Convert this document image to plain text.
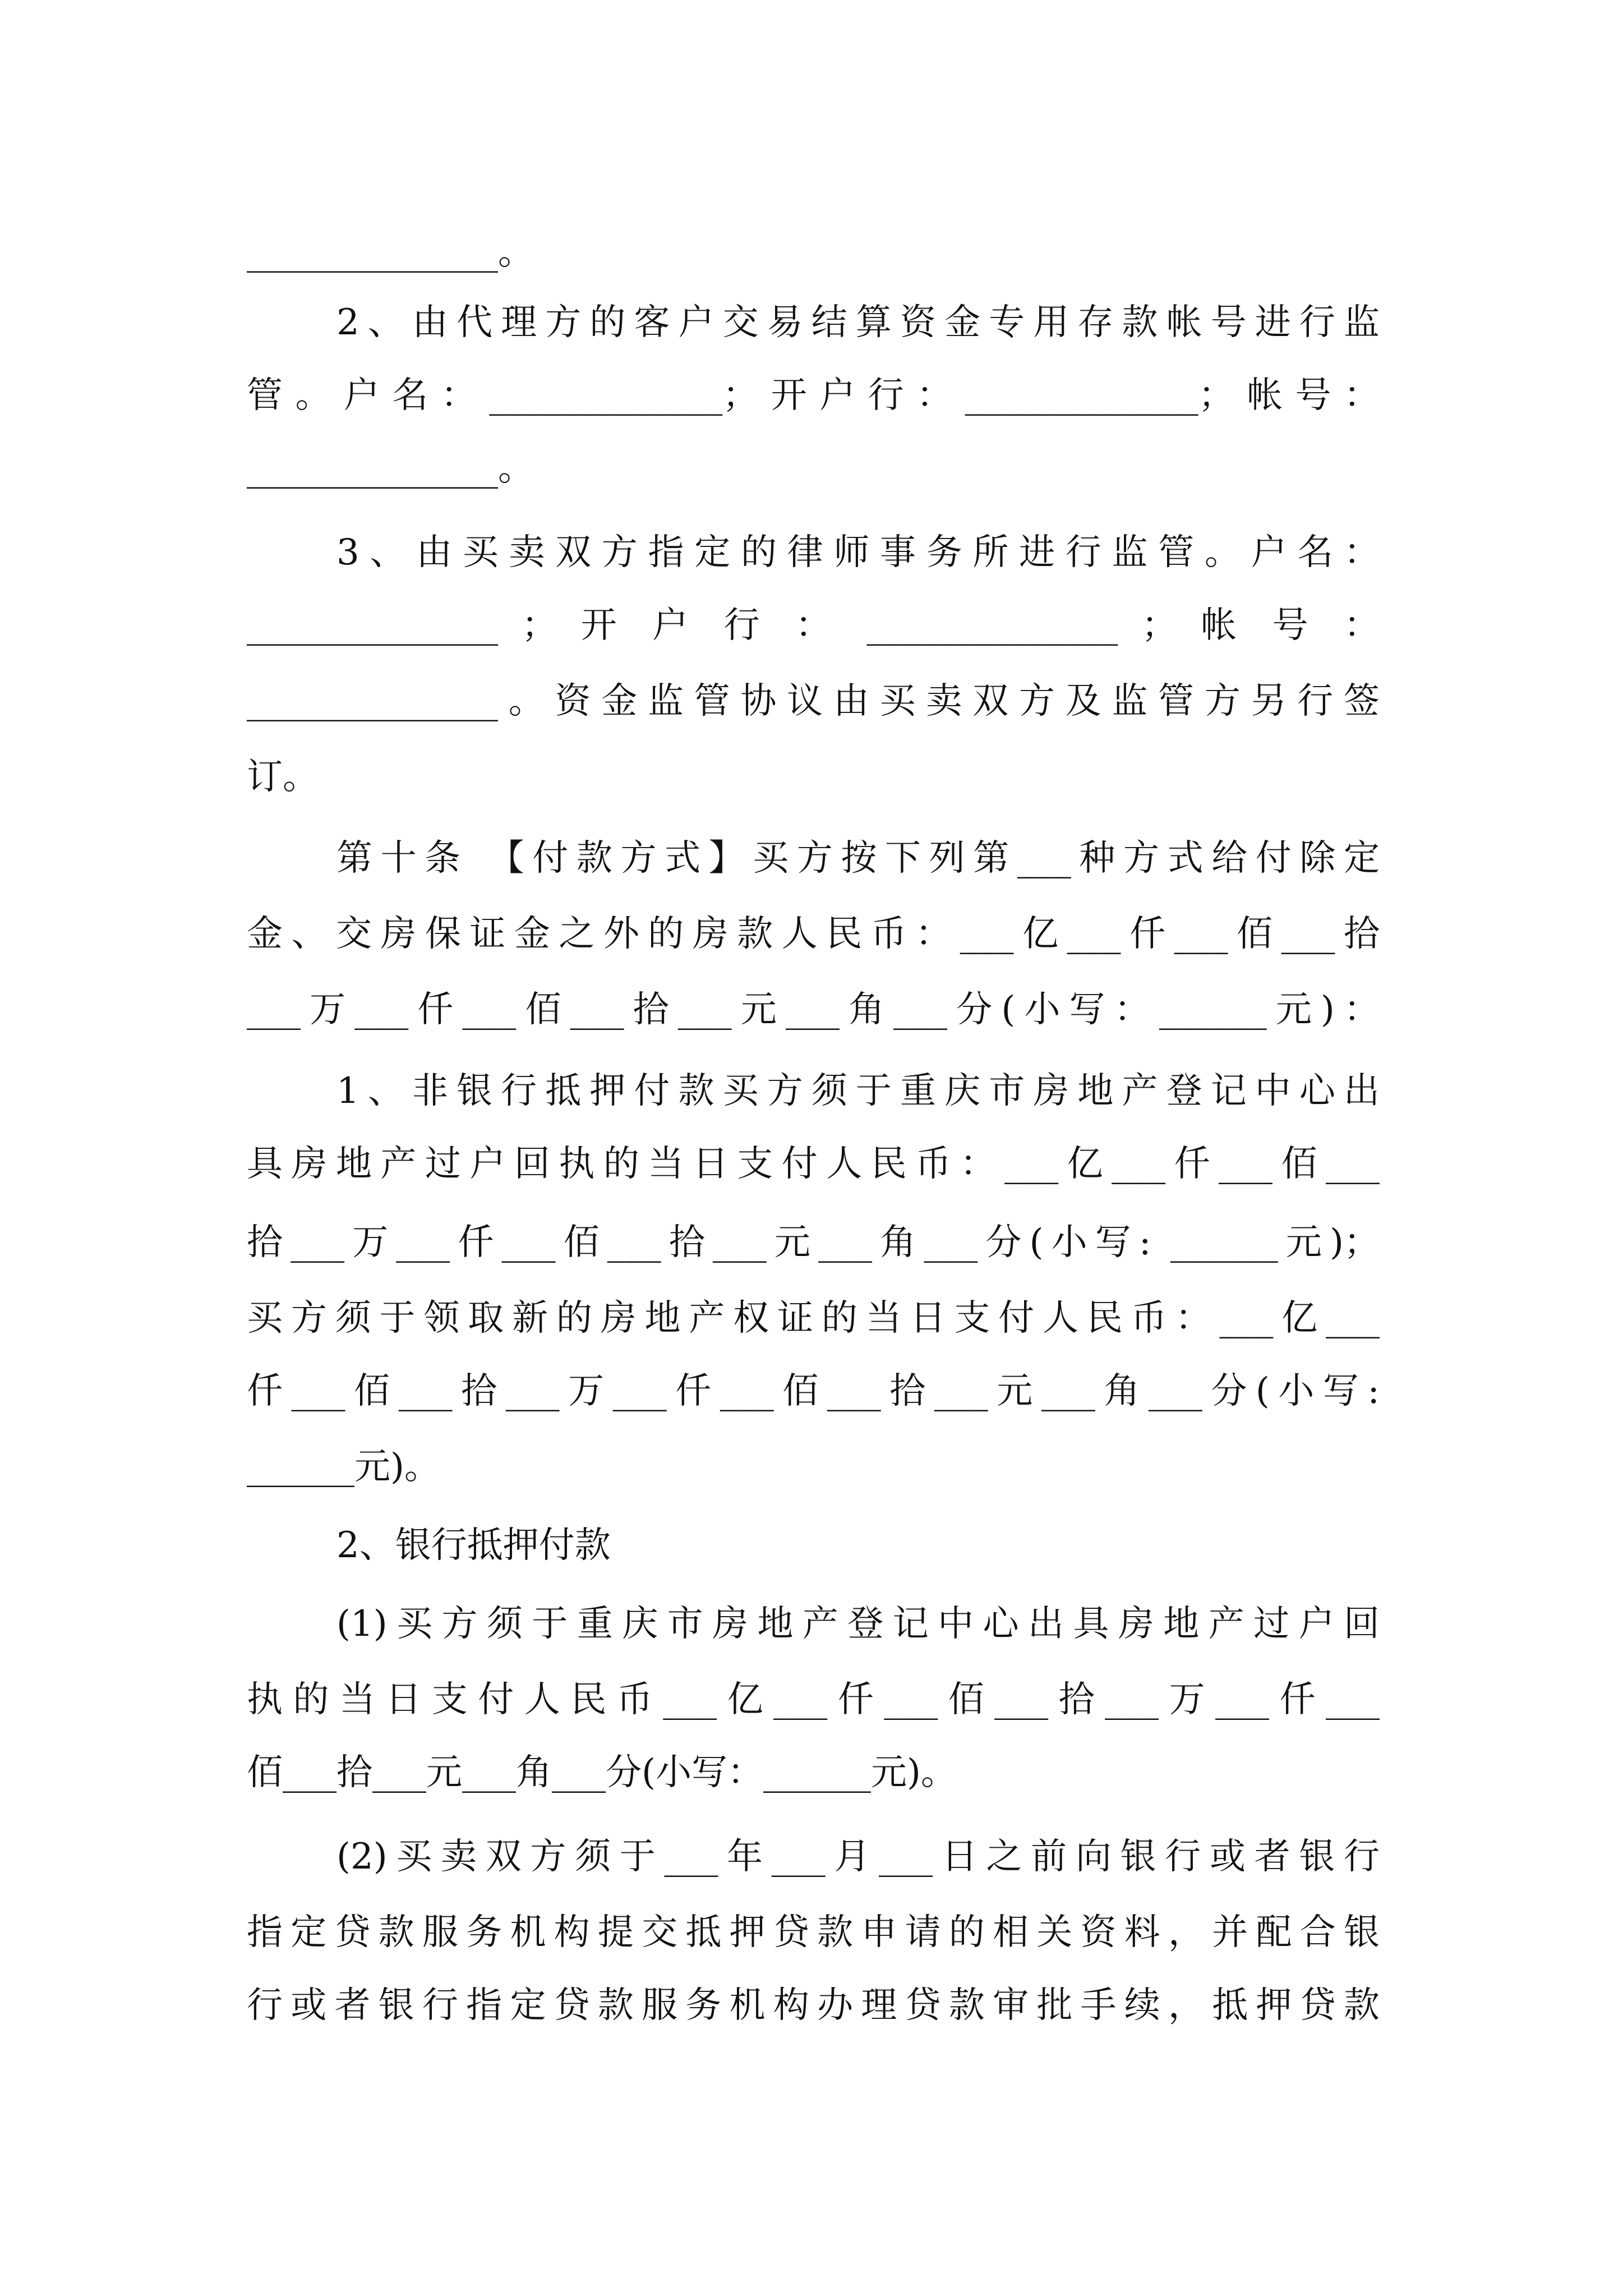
______________。
2、由代理方的客户交易结算资金专用存款帐号进行监
管。户名：_____________；开户行：_____________；帐号：
______________。
3、由买卖双方指定的律师事务所进行监管。户名：
______________ ； 开 户 行 ： ______________ ； 帐 号 ：
______________。资金监管协议由买卖双方及监管方另行签
订。
第十条 【付款方式】买方按下列第___种方式给付除定
金、交房保证金之外的房款人民币：___亿___仟___佰___拾
___万___仟___佰___拾___元___角___分(小写：______元)：
1、非银行抵押付款买方须于重庆市房地产登记中心出
具房地产过户回执的当日支付人民币：___亿___仟___佰___
拾___万___仟___佰___拾___元___角___分(小写: ______元)；
买方须于领取新的房地产权证的当日支付人民币：___亿___
仟___佰___拾___万___仟___佰___拾___元___角___分(小写:
______元)。
2、银行抵押付款
(1)买方须于重庆市房地产登记中心出具房地产过户回
执的当日支付人民币___亿___仟___佰___拾___万___仟___
佰___拾___元___角___分(小写：______元)。
(2)买卖双方须于___年___月___日之前向银行或者银行
指定贷款服务机构提交抵押贷款申请的相关资料，并配合银
行或者银行指定贷款服务机构办理贷款审批手续，抵押贷款
